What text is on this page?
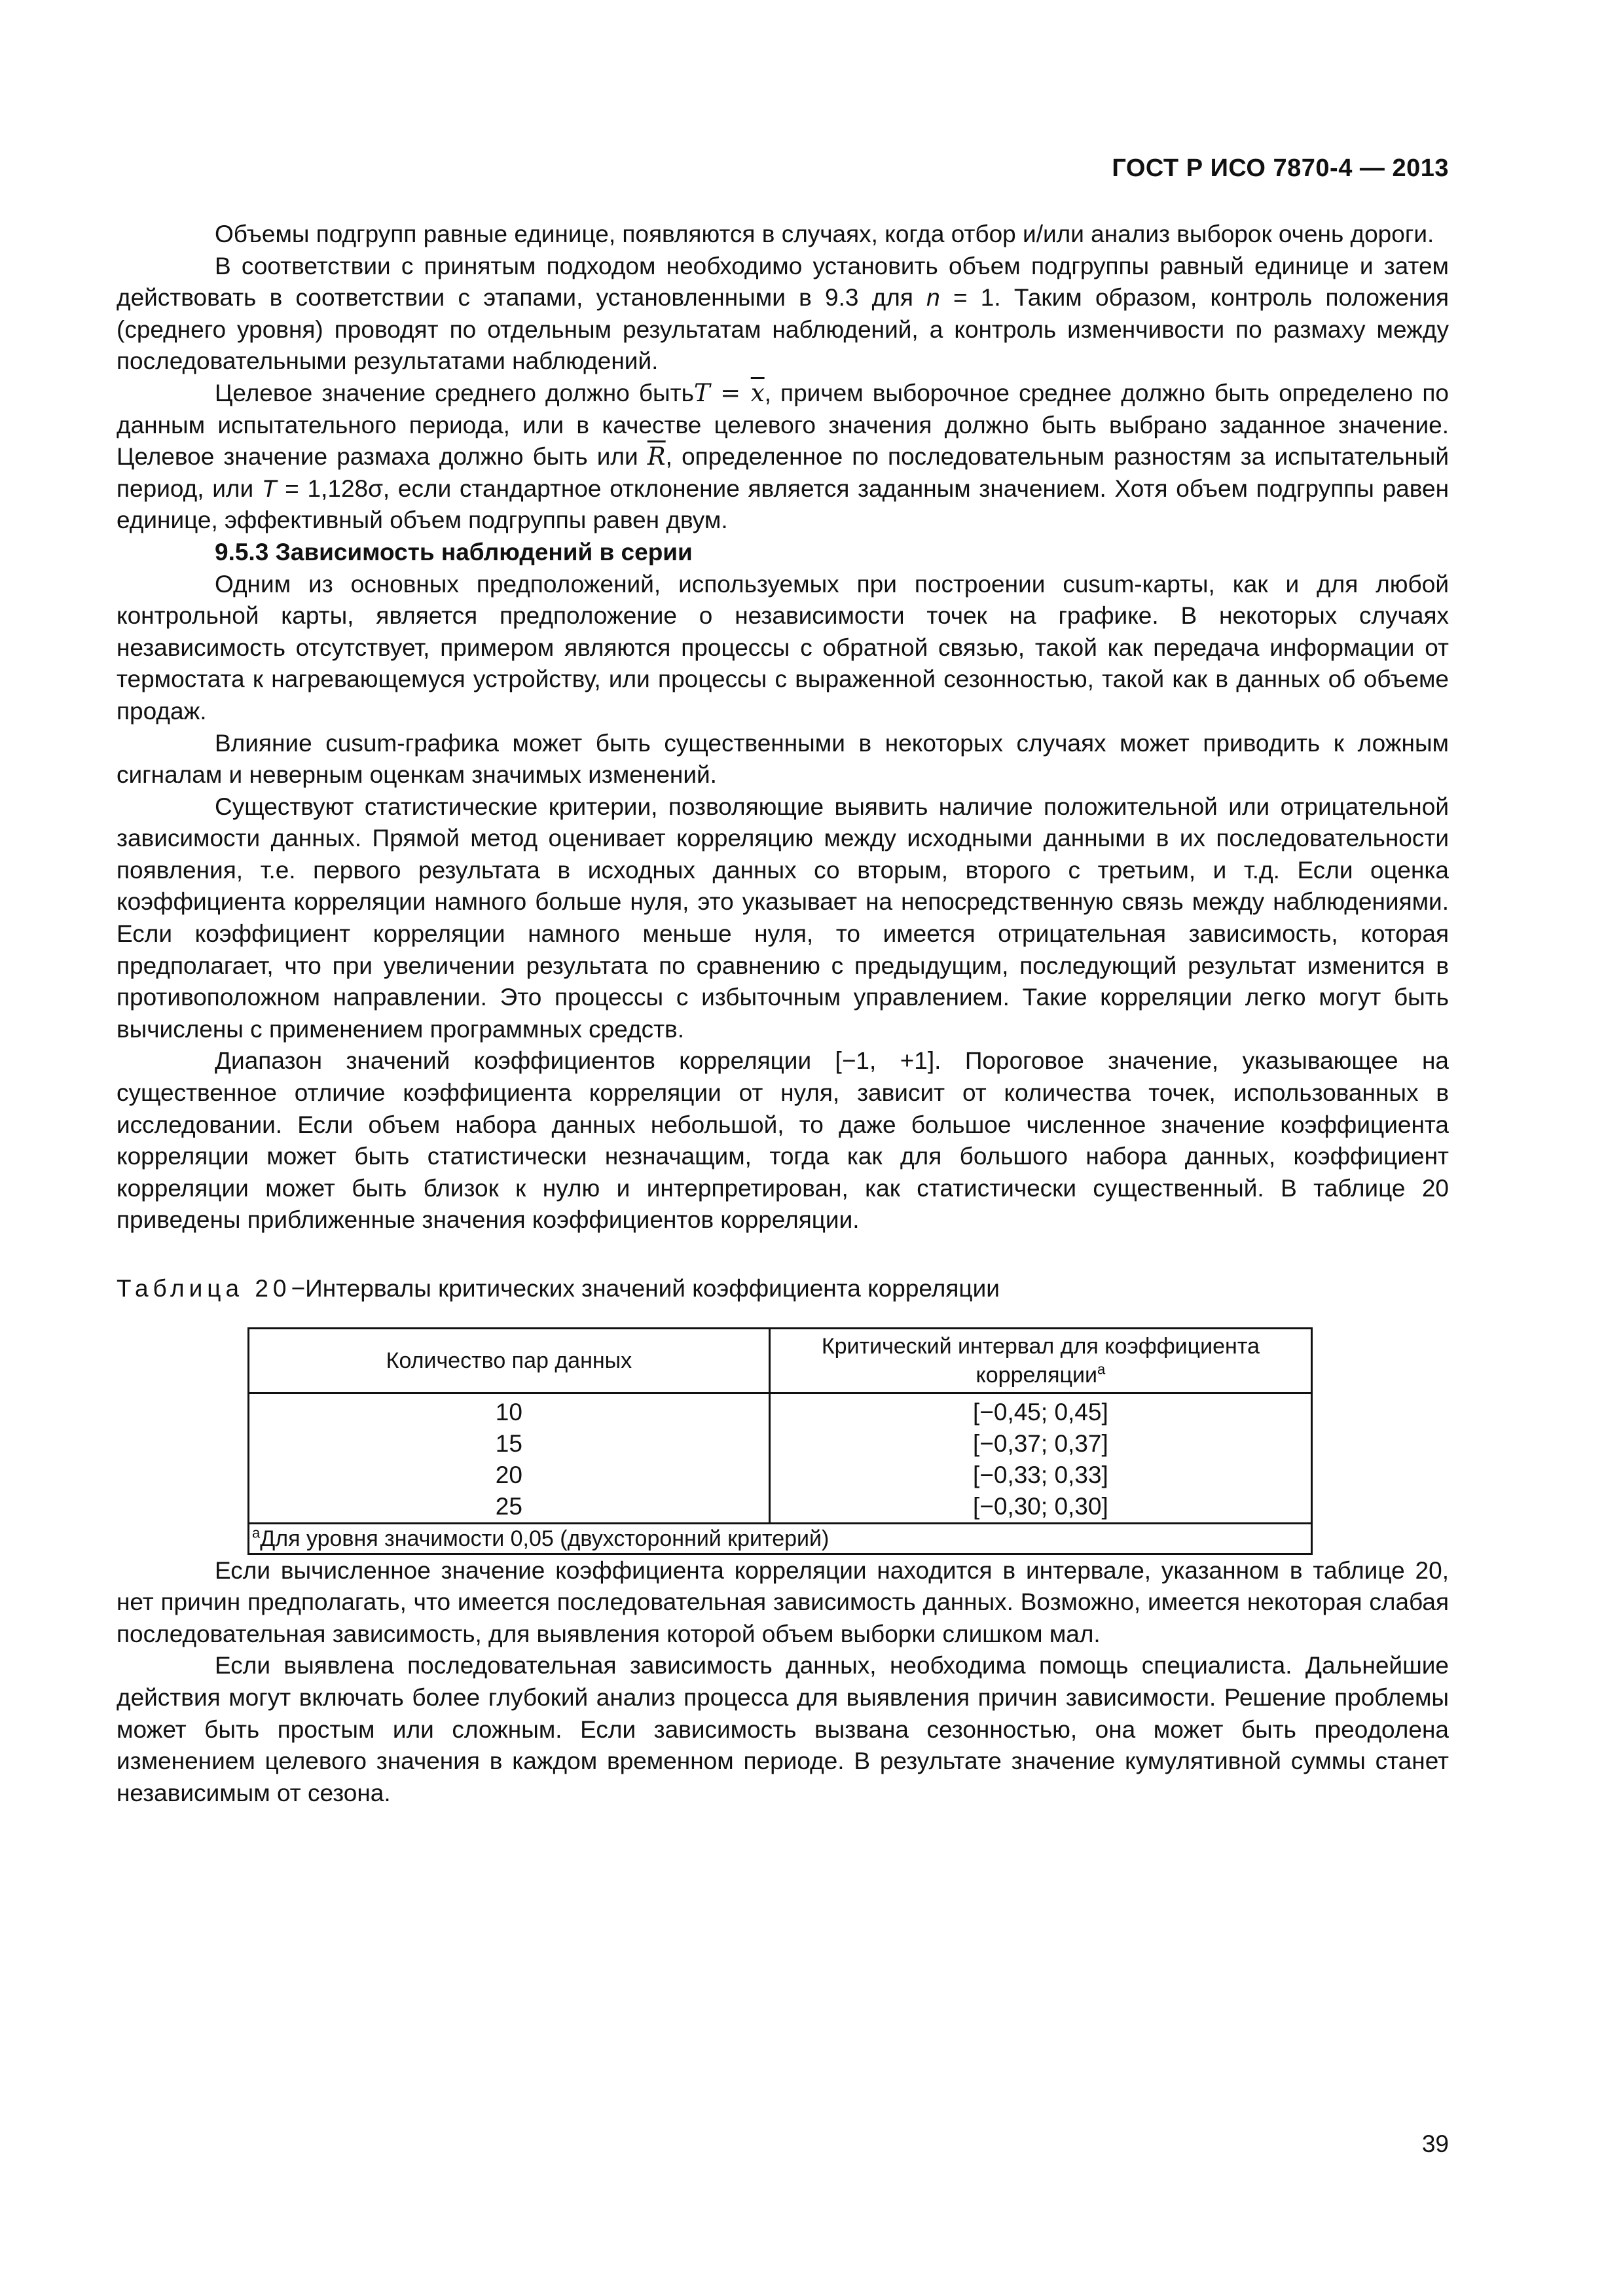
ГОСТ Р ИСО 7870-4 — 2013

Объемы подгрупп равные единице, появляются в случаях, когда отбор и/или анализ выборок очень дороги.

В соответствии с принятым подходом необходимо установить объем подгруппы равный единице и затем действовать в соответствии с этапами, установленными в 9.3 для n = 1. Таким образом, контроль положения (среднего уровня) проводят по отдельным результатам наблюдений, а контроль изменчивости по размаху между последовательными результатами наблюдений.

Целевое значение среднего должно бытьT = $\overline{x}$, причем выборочное среднее должно быть определено по данным испытательного периода, или в качестве целевого значения должно быть выбрано заданное значение. Целевое значение размаха должно быть или $\overline{R}$, определенное по последовательным разностям за испытательный период, или T = 1,128σ, если стандартное отклонение является заданным значением. Хотя объем подгруппы равен единице, эффективный объем подгруппы равен двум.

9.5.3 Зависимость наблюдений в серии

Одним из основных предположений, используемых при построении cusum-карты, как и для любой контрольной карты, является предположение о независимости точек на графике. В некоторых случаях независимость отсутствует, примером являются процессы с обратной связью, такой как передача информации от термостата к нагревающемуся устройству, или процессы с выраженной сезонностью, такой как в данных об объеме продаж.

Влияние cusum-графика может быть существенными в некоторых случаях может приводить к ложным сигналам и неверным оценкам значимых изменений.

Существуют статистические критерии, позволяющие выявить наличие положительной или отрицательной зависимости данных. Прямой метод оценивает корреляцию между исходными данными в их последовательности появления, т.е. первого результата в исходных данных со вторым, второго с третьим, и т.д. Если оценка коэффициента корреляции намного больше нуля, это указывает на непосредственную связь между наблюдениями. Если коэффициент корреляции намного меньше нуля, то имеется отрицательная зависимость, которая предполагает, что при увеличении результата по сравнению с предыдущим, последующий результат изменится в противоположном направлении. Это процессы с избыточным управлением. Такие корреляции легко могут быть вычислены с применением программных средств.

Диапазон значений коэффициентов корреляции [−1, +1]. Пороговое значение, указывающее на существенное отличие коэффициента корреляции от нуля, зависит от количества точек, использованных в исследовании. Если объем набора данных небольшой, то даже большое численное значение коэффициента корреляции может быть статистически незначащим, тогда как для большого набора данных, коэффициент корреляции может быть близок к нулю и интерпретирован, как статистически существенный. В таблице 20 приведены приближенные значения коэффициентов корреляции.

Таблица 20−Интервалы критических значений коэффициента корреляции
Количество пар данных	Критический интервал для коэффициента корреляции$^a$
10	[−0,45; 0,45]
15	[−0,37; 0,37]
20	[−0,33; 0,33]
25	[−0,30; 0,30]
$^a$Для уровня значимости 0,05 (двухсторонний критерий)	

Если вычисленное значение коэффициента корреляции находится в интервале, указанном в таблице 20, нет причин предполагать, что имеется последовательная зависимость данных. Возможно, имеется некоторая слабая последовательная зависимость, для выявления которой объем выборки слишком мал.

Если выявлена последовательная зависимость данных, необходима помощь специалиста. Дальнейшие действия могут включать более глубокий анализ процесса для выявления причин зависимости. Решение проблемы может быть простым или сложным. Если зависимость вызвана сезонностью, она может быть преодолена изменением целевого значения в каждом временном периоде. В результате значение кумулятивной суммы станет независимым от сезона.

39
